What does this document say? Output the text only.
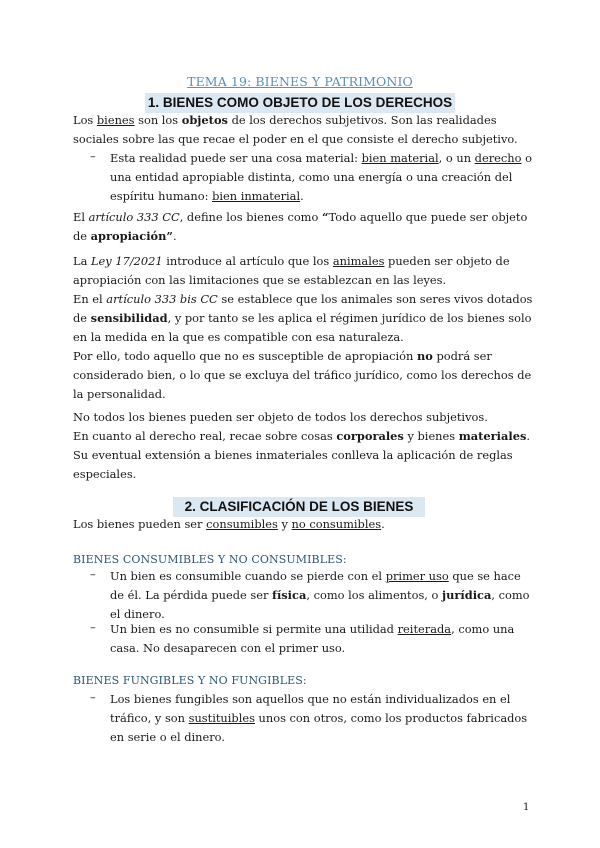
TEMA 19: BIENES Y PATRIMONIO
1. BIENES COMO OBJETO DE LOS DERECHOS
Los bienes son los objetos de los derechos subjetivos. Son las realidades sociales sobre las que recae el poder en el que consiste el derecho subjetivo.
– Esta realidad puede ser una cosa material: bien material, o un derecho o una entidad apropiable distinta, como una energía o una creación del espíritu humano: bien inmaterial.
El artículo 333 CC, define los bienes como “Todo aquello que puede ser objeto de apropiación”.
La Ley 17/2021 introduce al artículo que los animales pueden ser objeto de apropiación con las limitaciones que se establezcan en las leyes.
En el artículo 333 bis CC se establece que los animales son seres vivos dotados de sensibilidad, y por tanto se les aplica el régimen jurídico de los bienes solo en la medida en la que es compatible con esa naturaleza.
Por ello, todo aquello que no es susceptible de apropiación no podrá ser considerado bien, o lo que se excluya del tráfico jurídico, como los derechos de la personalidad.
No todos los bienes pueden ser objeto de todos los derechos subjetivos.
En cuanto al derecho real, recae sobre cosas corporales y bienes materiales. Su eventual extensión a bienes inmateriales conlleva la aplicación de reglas especiales.
2. CLASIFICACIÓN DE LOS BIENES
Los bienes pueden ser consumibles y no consumibles.
BIENES CONSUMIBLES Y NO CONSUMIBLES:
– Un bien es consumible cuando se pierde con el primer uso que se hace de él. La pérdida puede ser física, como los alimentos, o jurídica, como el dinero.
– Un bien es no consumible si permite una utilidad reiterada, como una casa. No desaparecen con el primer uso.
BIENES FUNGIBLES Y NO FUNGIBLES:
– Los bienes fungibles son aquellos que no están individualizados en el tráfico, y son sustituibles unos con otros, como los productos fabricados en serie o el dinero.
1
